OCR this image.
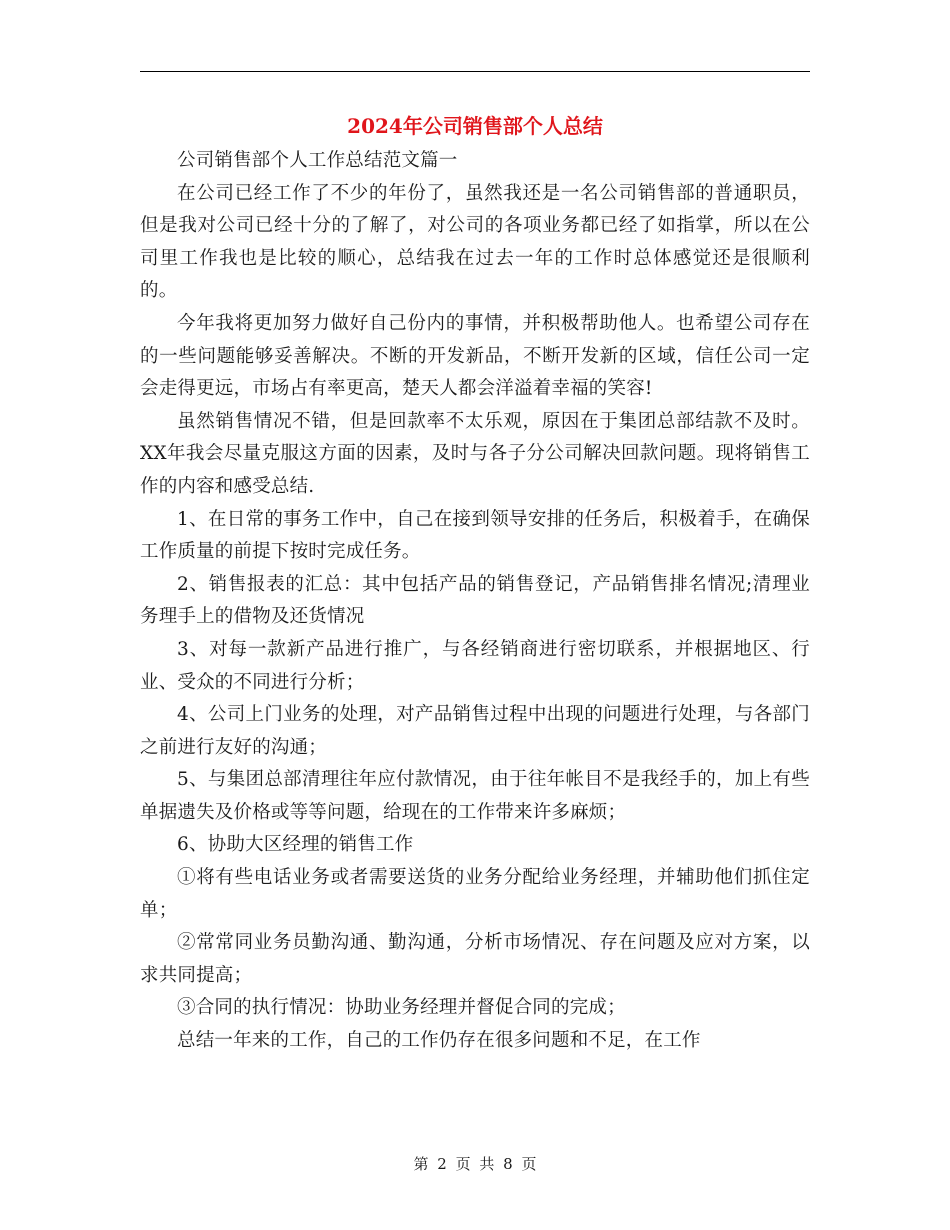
2024年公司销售部个人总结

公司销售部个人工作总结范文篇一

在公司已经工作了不少的年份了，虽然我还是一名公司销售部的普通职员，但是我对公司已经十分的了解了，对公司的各项业务都已经了如指掌，所以在公司里工作我也是比较的顺心，总结我在过去一年的工作时总体感觉还是很顺利的。

今年我将更加努力做好自己份内的事情，并积极帮助他人。也希望公司存在的一些问题能够妥善解决。不断的开发新品，不断开发新的区域，信任公司一定会走得更远，市场占有率更高，楚天人都会洋溢着幸福的笑容!

虽然销售情况不错，但是回款率不太乐观，原因在于集团总部结款不及时。XX年我会尽量克服这方面的因素，及时与各子分公司解决回款问题。现将销售工作的内容和感受总结.

1、在日常的事务工作中，自己在接到领导安排的任务后，积极着手，在确保工作质量的前提下按时完成任务。

2、销售报表的汇总：其中包括产品的销售登记，产品销售排名情况;清理业务理手上的借物及还货情况

3、对每一款新产品进行推广，与各经销商进行密切联系，并根据地区、行业、受众的不同进行分析；

4、公司上门业务的处理，对产品销售过程中出现的问题进行处理，与各部门之前进行友好的沟通；

5、与集团总部清理往年应付款情况，由于往年帐目不是我经手的，加上有些单据遗失及价格或等等问题，给现在的工作带来许多麻烦；

6、协助大区经理的销售工作

①将有些电话业务或者需要送货的业务分配给业务经理，并辅助他们抓住定单；

②常常同业务员勤沟通、勤沟通，分析市场情况、存在问题及应对方案，以求共同提高；

③合同的执行情况：协助业务经理并督促合同的完成；

总结一年来的工作，自己的工作仍存在很多问题和不足，在工作

第 2 页 共 8 页
